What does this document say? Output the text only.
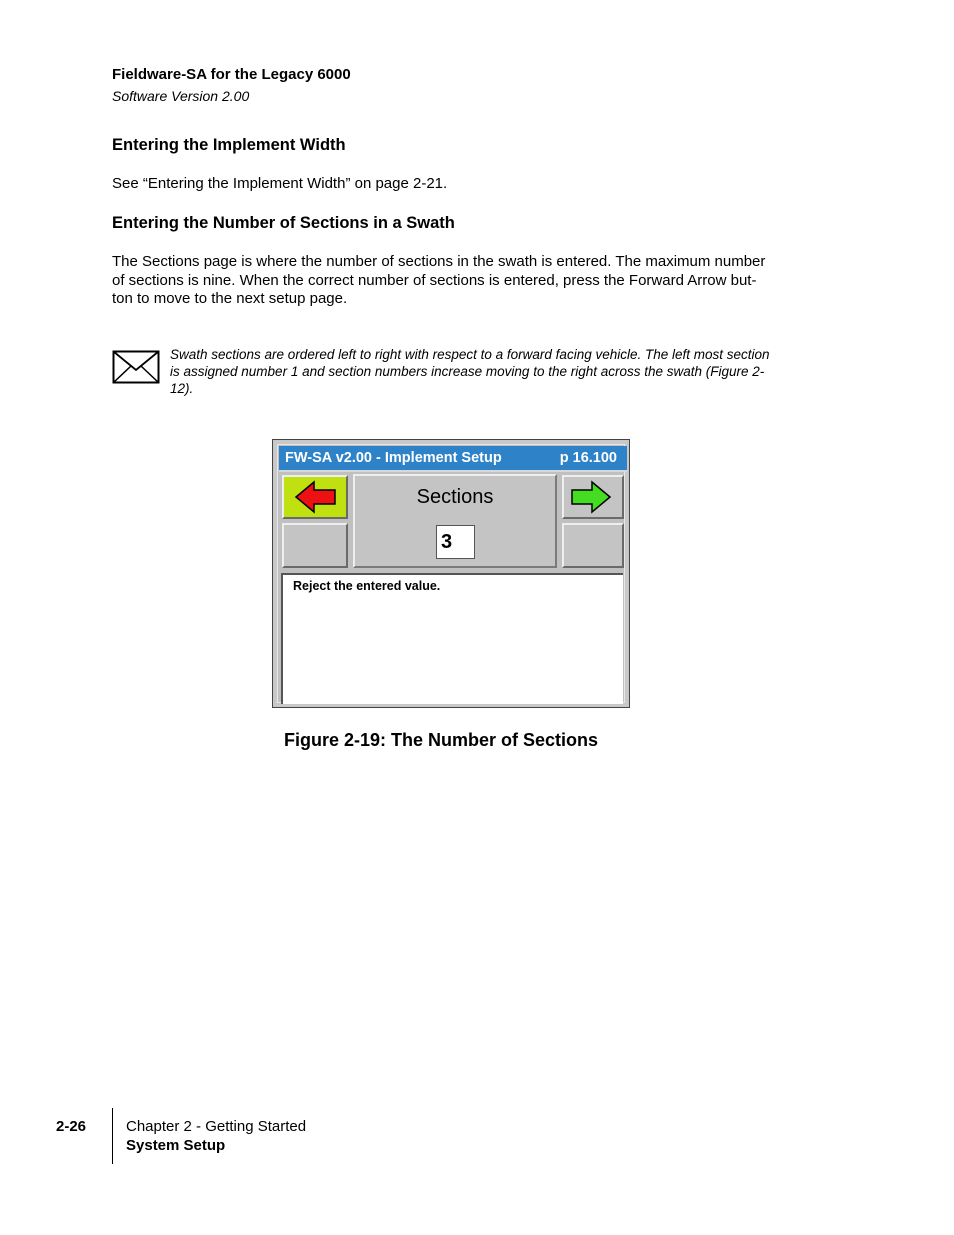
Fieldware-SA for the Legacy 6000
Software Version 2.00
Entering the Implement Width
See “Entering the Implement Width” on page 2-21.
Entering the Number of Sections in a Swath
The Sections page is where the number of sections in the swath is entered. The maximum number
of sections is nine. When the correct number of sections is entered, press the Forward Arrow but-
ton to move to the next setup page.
Swath sections are ordered left to right with respect to a forward facing vehicle. The left most section
is assigned number 1 and section numbers increase moving to the right across the swath (Figure 2-
12).
FW-SA v2.00 - Implement Setup	p 16.100
Sections
3
Reject the entered value.
Figure 2-19: The Number of Sections
2-26	Chapter 2 - Getting Started
System Setup
